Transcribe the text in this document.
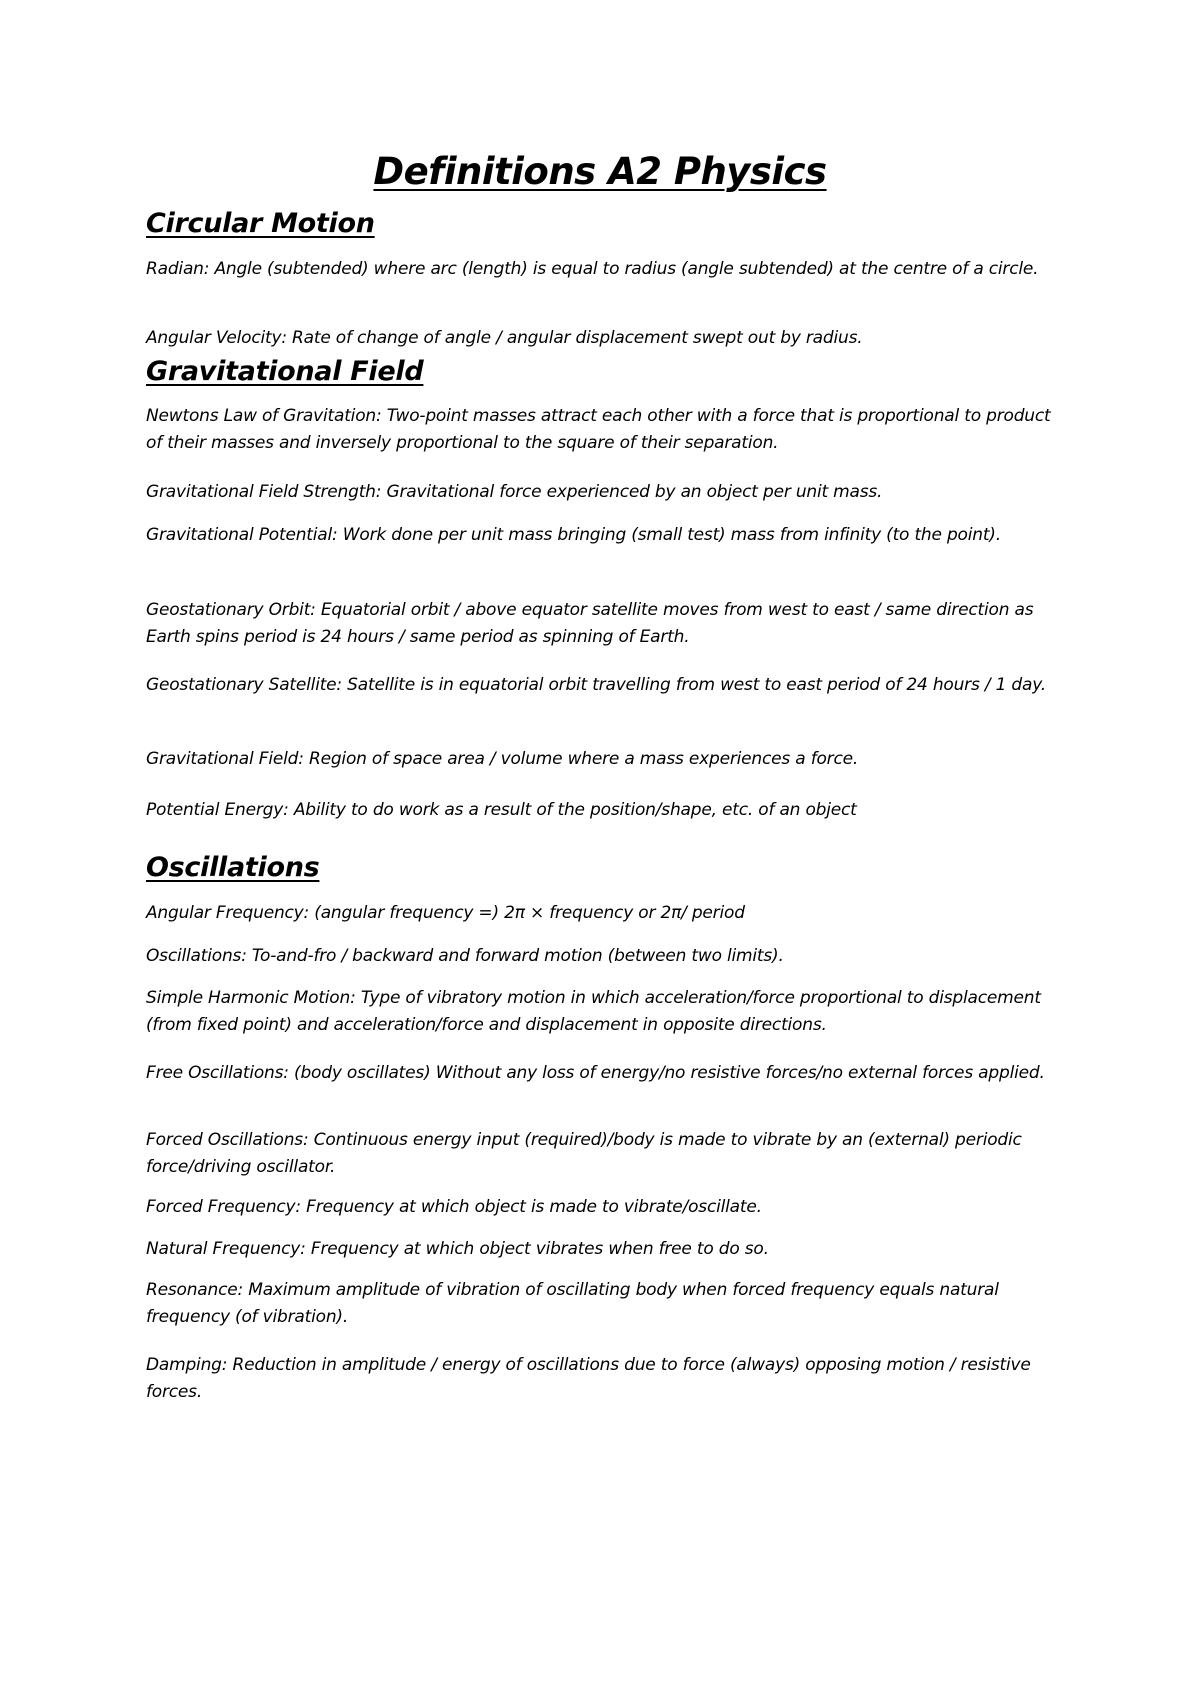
Definitions A2 Physics
Circular Motion

Radian: Angle (subtended) where arc (length) is equal to radius (angle subtended) at the centre of a circle.

Angular Velocity: Rate of change of angle / angular displacement swept out by radius.

Gravitational Field

Newtons Law of Gravitation: Two-point masses attract each other with a force that is proportional to product of their masses and inversely proportional to the square of their separation.

Gravitational Field Strength: Gravitational force experienced by an object per unit mass.

Gravitational Potential: Work done per unit mass bringing (small test) mass from infinity (to the point).

Geostationary Orbit: Equatorial orbit / above equator satellite moves from west to east / same direction as Earth spins period is 24 hours / same period as spinning of Earth.

Geostationary Satellite: Satellite is in equatorial orbit travelling from west to east period of 24 hours / 1 day.

Gravitational Field: Region of space area / volume where a mass experiences a force.

Potential Energy: Ability to do work as a result of the position/shape, etc. of an object

Oscillations

Angular Frequency: (angular frequency =) 2π × frequency or 2π/ period

Oscillations: To-and-fro / backward and forward motion (between two limits).

Simple Harmonic Motion: Type of vibratory motion in which acceleration/force proportional to displacement (from fixed point) and acceleration/force and displacement in opposite directions.

Free Oscillations: (body oscillates) Without any loss of energy/no resistive forces/no external forces applied.

Forced Oscillations: Continuous energy input (required)/body is made to vibrate by an (external) periodic force/driving oscillator.

Forced Frequency: Frequency at which object is made to vibrate/oscillate.

Natural Frequency: Frequency at which object vibrates when free to do so.

Resonance: Maximum amplitude of vibration of oscillating body when forced frequency equals natural frequency (of vibration).

Damping: Reduction in amplitude / energy of oscillations due to force (always) opposing motion / resistive forces.
